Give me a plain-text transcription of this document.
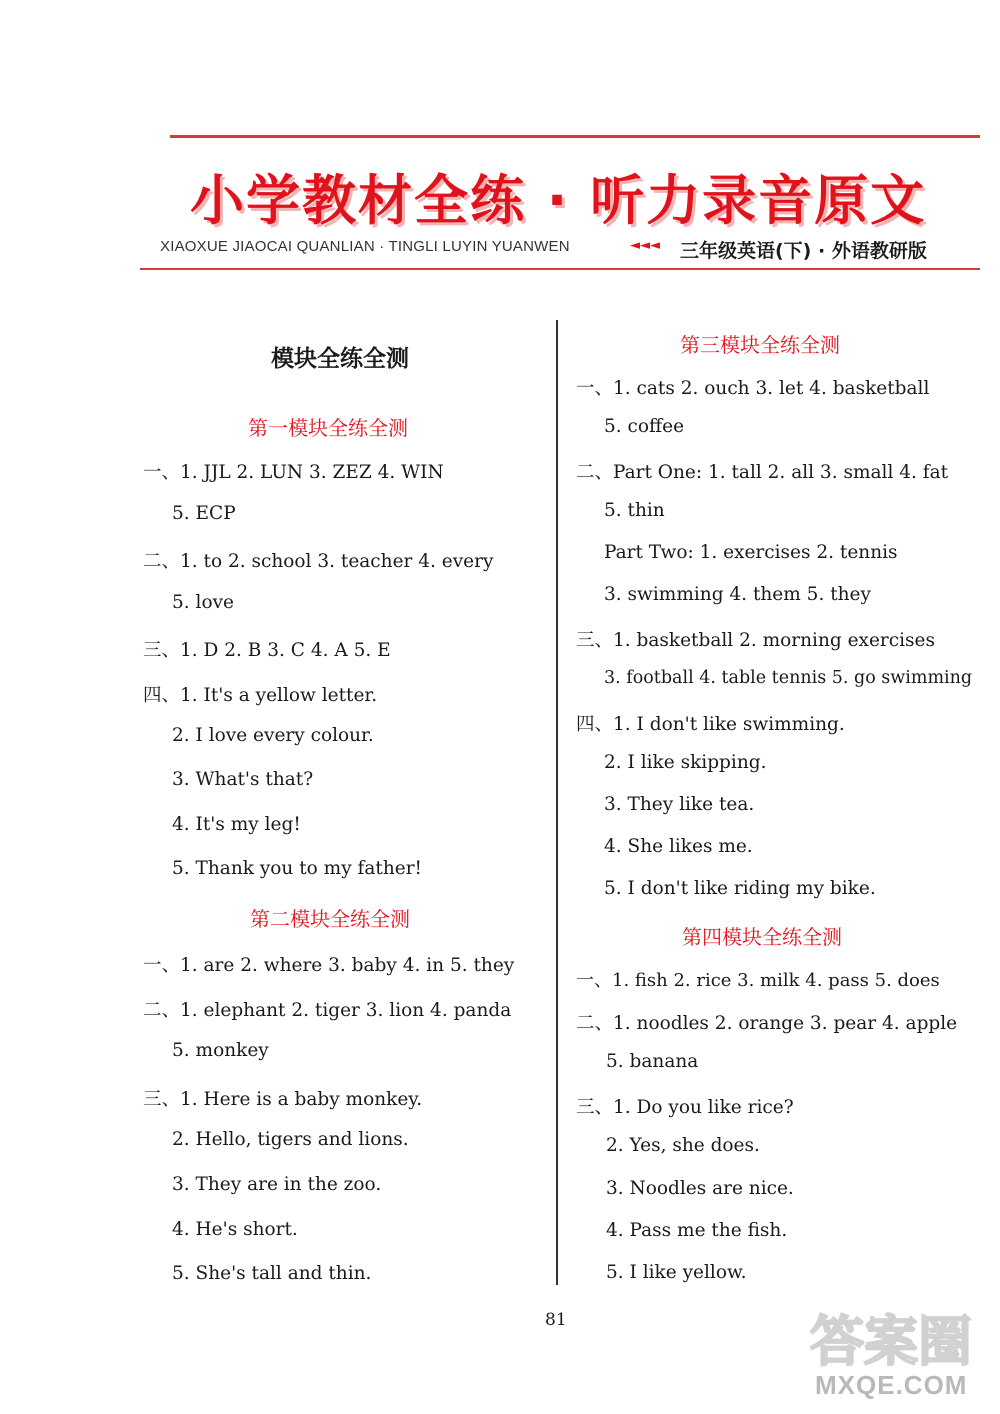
小学教材全练 · 听力录音原文
XIAOXUE JIAOCAI QUANLIAN · TINGLI LUYIN YUANWEN	◄◄◄ 三年级英语(下) · 外语教研版
模块全练全测
第一模块全练全测
一、1. JJL 2. LUN 3. ZEZ 4. WIN
5. ECP
二、1. to 2. school 3. teacher 4. every
5. love
三、1. D 2. B 3. C 4. A 5. E
四、1. It's a yellow letter.
2. I love every colour.
3. What's that?
4. It's my leg!
5. Thank you to my father!
第二模块全练全测
一、1. are 2. where 3. baby 4. in 5. they
二、1. elephant 2. tiger 3. lion 4. panda
5. monkey
三、1. Here is a baby monkey.
2. Hello, tigers and lions.
3. They are in the zoo.
4. He's short.
5. She's tall and thin.
第三模块全练全测
一、1. cats 2. ouch 3. let 4. basketball
5. coffee
二、Part One: 1. tall 2. all 3. small 4. fat
5. thin
Part Two: 1. exercises 2. tennis
3. swimming 4. them 5. they
三、1. basketball 2. morning exercises
3. football 4. table tennis 5. go swimming
四、1. I don't like swimming.
2. I like skipping.
3. They like tea.
4. She likes me.
5. I don't like riding my bike.
第四模块全练全测
一、1. fish 2. rice 3. milk 4. pass 5. does
二、1. noodles 2. orange 3. pear 4. apple
5. banana
三、1. Do you like rice?
2. Yes, she does.
3. Noodles are nice.
4. Pass me the fish.
5. I like yellow.
81	答案圈
MXQE.COM
